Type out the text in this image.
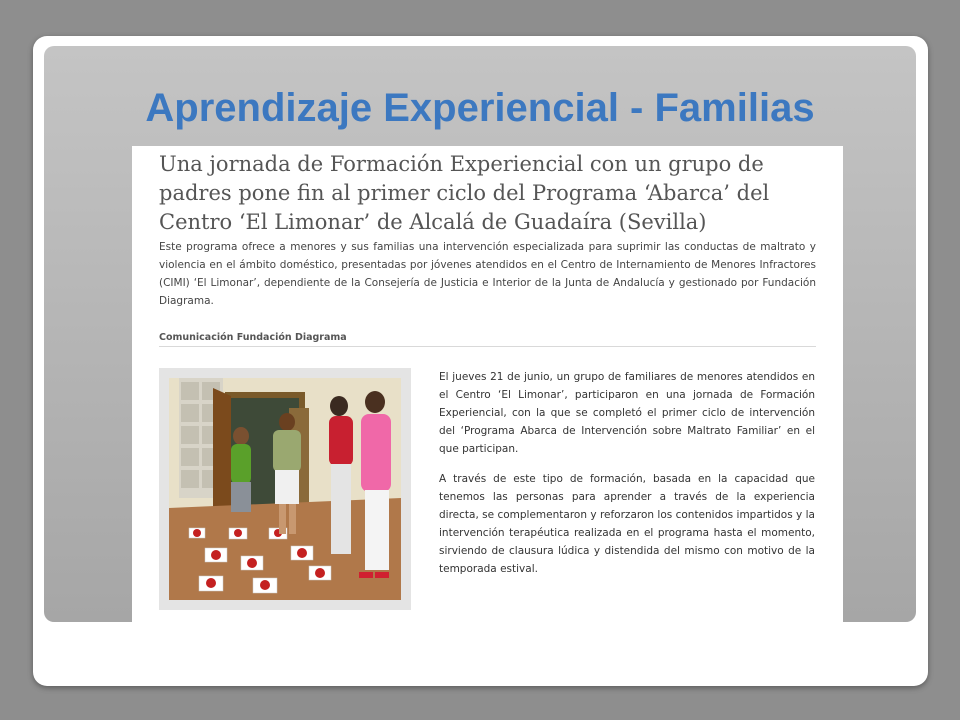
Aprendizaje Experiencial - Familias
Una jornada de Formación Experiencial con un grupo de padres pone fin al primer ciclo del Programa ‘Abarca’ del Centro ‘El Limonar’ de Alcalá de Guadaíra (Sevilla)

Este programa ofrece a menores y sus familias una intervención especializada para suprimir las conductas de maltrato y violencia en el ámbito doméstico, presentadas por jóvenes atendidos en el Centro de Internamiento de Menores Infractores (CIMI) ‘El Limonar’, dependiente de la Consejería de Justicia e Interior de la Junta de Andalucía y gestionado por Fundación Diagrama.

Comunicación Fundación Diagrama

El jueves 21 de junio, un grupo de familiares de menores atendidos en el Centro ‘El Limonar’, participaron en una jornada de Formación Experiencial, con la que se completó el primer ciclo de intervención del ‘Programa Abarca de Intervención sobre Maltrato Familiar’ en el que participan.

A través de este tipo de formación, basada en la capacidad que tenemos las personas para aprender a través de la experiencia directa, se complementaron y reforzaron los contenidos impartidos y la intervención terapéutica realizada en el programa hasta el momento, sirviendo de clausura lúdica y distendida del mismo con motivo de la temporada estival.
